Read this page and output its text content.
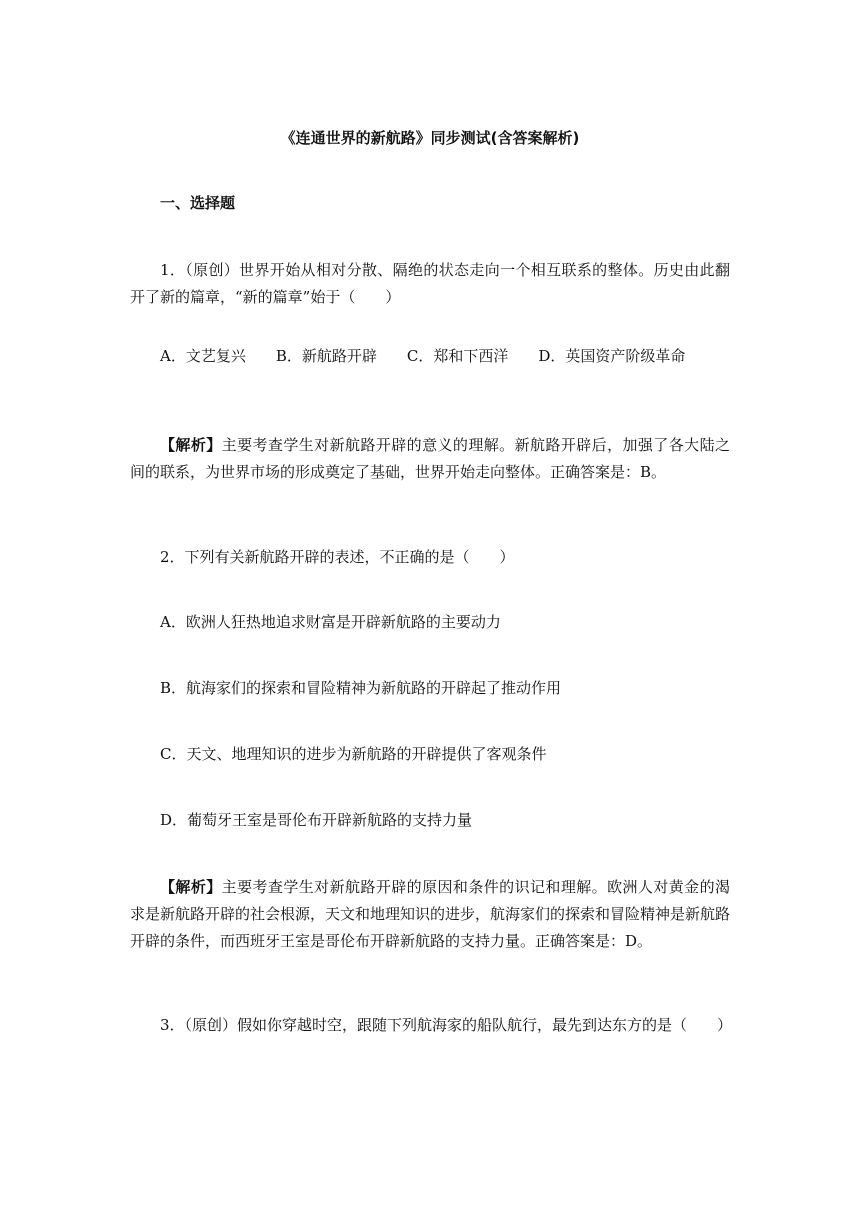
《连通世界的新航路》同步测试(含答案解析)
一、选择题

1．（原创）世界开始从相对分散、隔绝的状态走向一个相互联系的整体。历史由此翻开了新的篇章，“新的篇章”始于（　　）

A．文艺复兴　　B．新航路开辟　　C．郑和下西洋　　D．英国资产阶级革命

【解析】主要考查学生对新航路开辟的意义的理解。新航路开辟后，加强了各大陆之间的联系，为世界市场的形成奠定了基础，世界开始走向整体。正确答案是：B。

2．下列有关新航路开辟的表述，不正确的是（　　）

A．欧洲人狂热地追求财富是开辟新航路的主要动力

B．航海家们的探索和冒险精神为新航路的开辟起了推动作用

C．天文、地理知识的进步为新航路的开辟提供了客观条件

D．葡萄牙王室是哥伦布开辟新航路的支持力量

【解析】主要考查学生对新航路开辟的原因和条件的识记和理解。欧洲人对黄金的渴求是新航路开辟的社会根源，天文和地理知识的进步，航海家们的探索和冒险精神是新航路开辟的条件，而西班牙王室是哥伦布开辟新航路的支持力量。正确答案是：D。

3．（原创）假如你穿越时空，跟随下列航海家的船队航行，最先到达东方的是（　　）
